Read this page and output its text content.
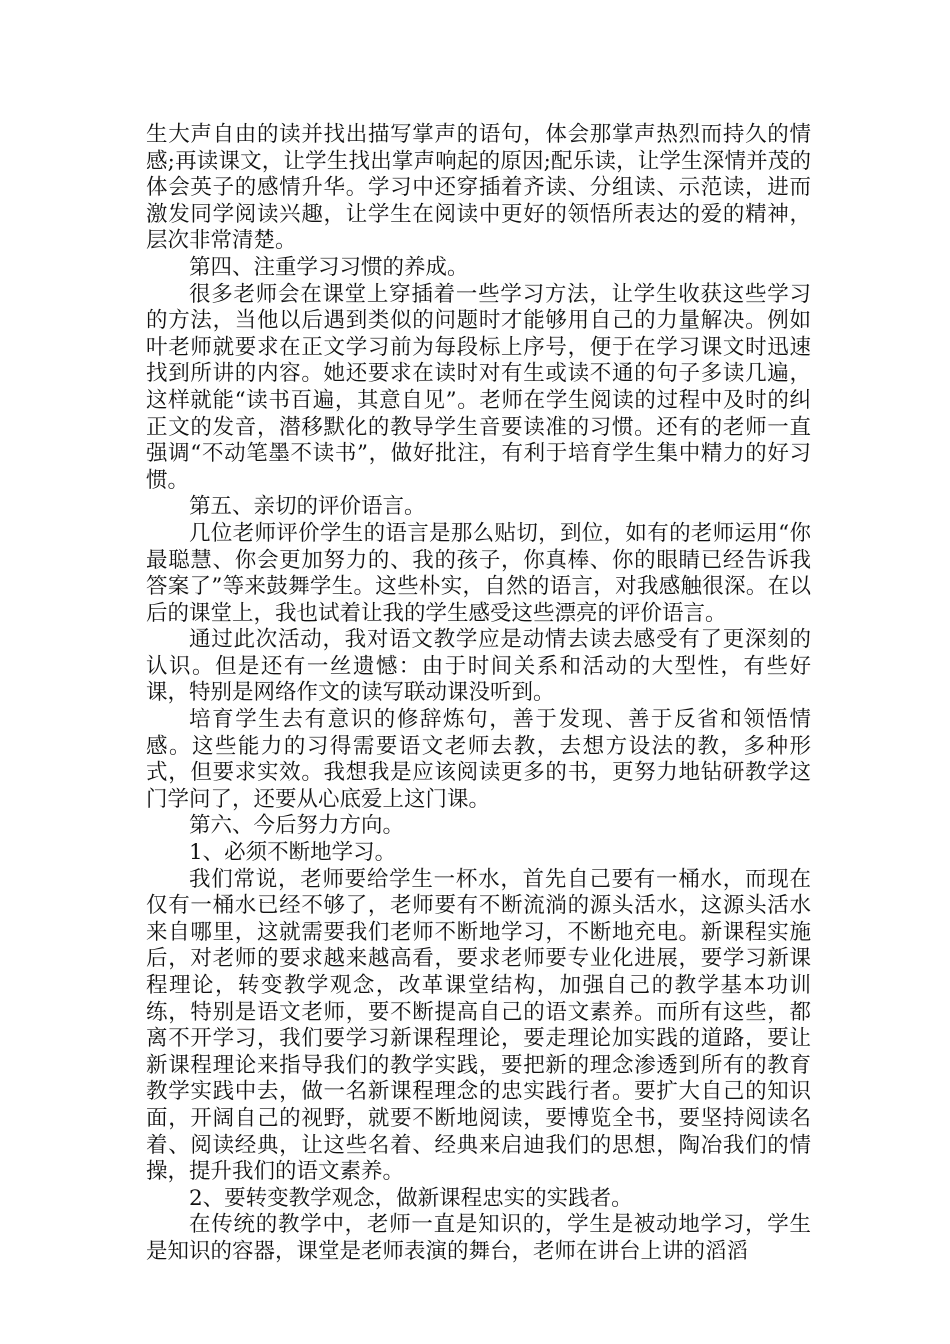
生大声自由的读并找出描写掌声的语句，体会那掌声热烈而持久的情感;再读课文，让学生找出掌声响起的原因;配乐读，让学生深情并茂的体会英子的感情升华。学习中还穿插着齐读、分组读、示范读，进而激发同学阅读兴趣，让学生在阅读中更好的领悟所表达的爱的精神，层次非常清楚。

第四、注重学习习惯的养成。

很多老师会在课堂上穿插着一些学习方法，让学生收获这些学习的方法，当他以后遇到类似的问题时才能够用自己的力量解决。例如叶老师就要求在正文学习前为每段标上序号，便于在学习课文时迅速找到所讲的内容。她还要求在读时对有生或读不通的句子多读几遍，这样就能“读书百遍，其意自见”。老师在学生阅读的过程中及时的纠正文的发音，潜移默化的教导学生音要读准的习惯。还有的老师一直强调“不动笔墨不读书”，做好批注，有利于培育学生集中精力的好习惯。

第五、亲切的评价语言。

几位老师评价学生的语言是那么贴切，到位，如有的老师运用“你最聪慧、你会更加努力的、我的孩子，你真棒、你的眼睛已经告诉我答案了”等来鼓舞学生。这些朴实，自然的语言，对我感触很深。在以后的课堂上，我也试着让我的学生感受这些漂亮的评价语言。

通过此次活动，我对语文教学应是动情去读去感受有了更深刻的认识。但是还有一丝遗憾：由于时间关系和活动的大型性，有些好课，特别是网络作文的读写联动课没听到。

培育学生去有意识的修辞炼句，善于发现、善于反省和领悟情感。这些能力的习得需要语文老师去教，去想方设法的教，多种形式，但要求实效。我想我是应该阅读更多的书，更努力地钻研教学这门学问了，还要从心底爱上这门课。

第六、今后努力方向。

1、必须不断地学习。

我们常说，老师要给学生一杯水，首先自己要有一桶水，而现在仅有一桶水已经不够了，老师要有不断流淌的源头活水，这源头活水来自哪里，这就需要我们老师不断地学习，不断地充电。新课程实施后，对老师的要求越来越高看，要求老师要专业化进展，要学习新课程理论，转变教学观念，改革课堂结构，加强自己的教学基本功训练，特别是语文老师，要不断提高自己的语文素养。而所有这些，都离不开学习，我们要学习新课程理论，要走理论加实践的道路，要让新课程理论来指导我们的教学实践，要把新的理念渗透到所有的教育教学实践中去，做一名新课程理念的忠实践行者。要扩大自己的知识面，开阔自己的视野，就要不断地阅读，要博览全书，要坚持阅读名着、阅读经典，让这些名着、经典来启迪我们的思想，陶冶我们的情操，提升我们的语文素养。

2、要转变教学观念，做新课程忠实的实践者。

在传统的教学中，老师一直是知识的，学生是被动地学习，学生是知识的容器，课堂是老师表演的舞台，老师在讲台上讲的滔滔
